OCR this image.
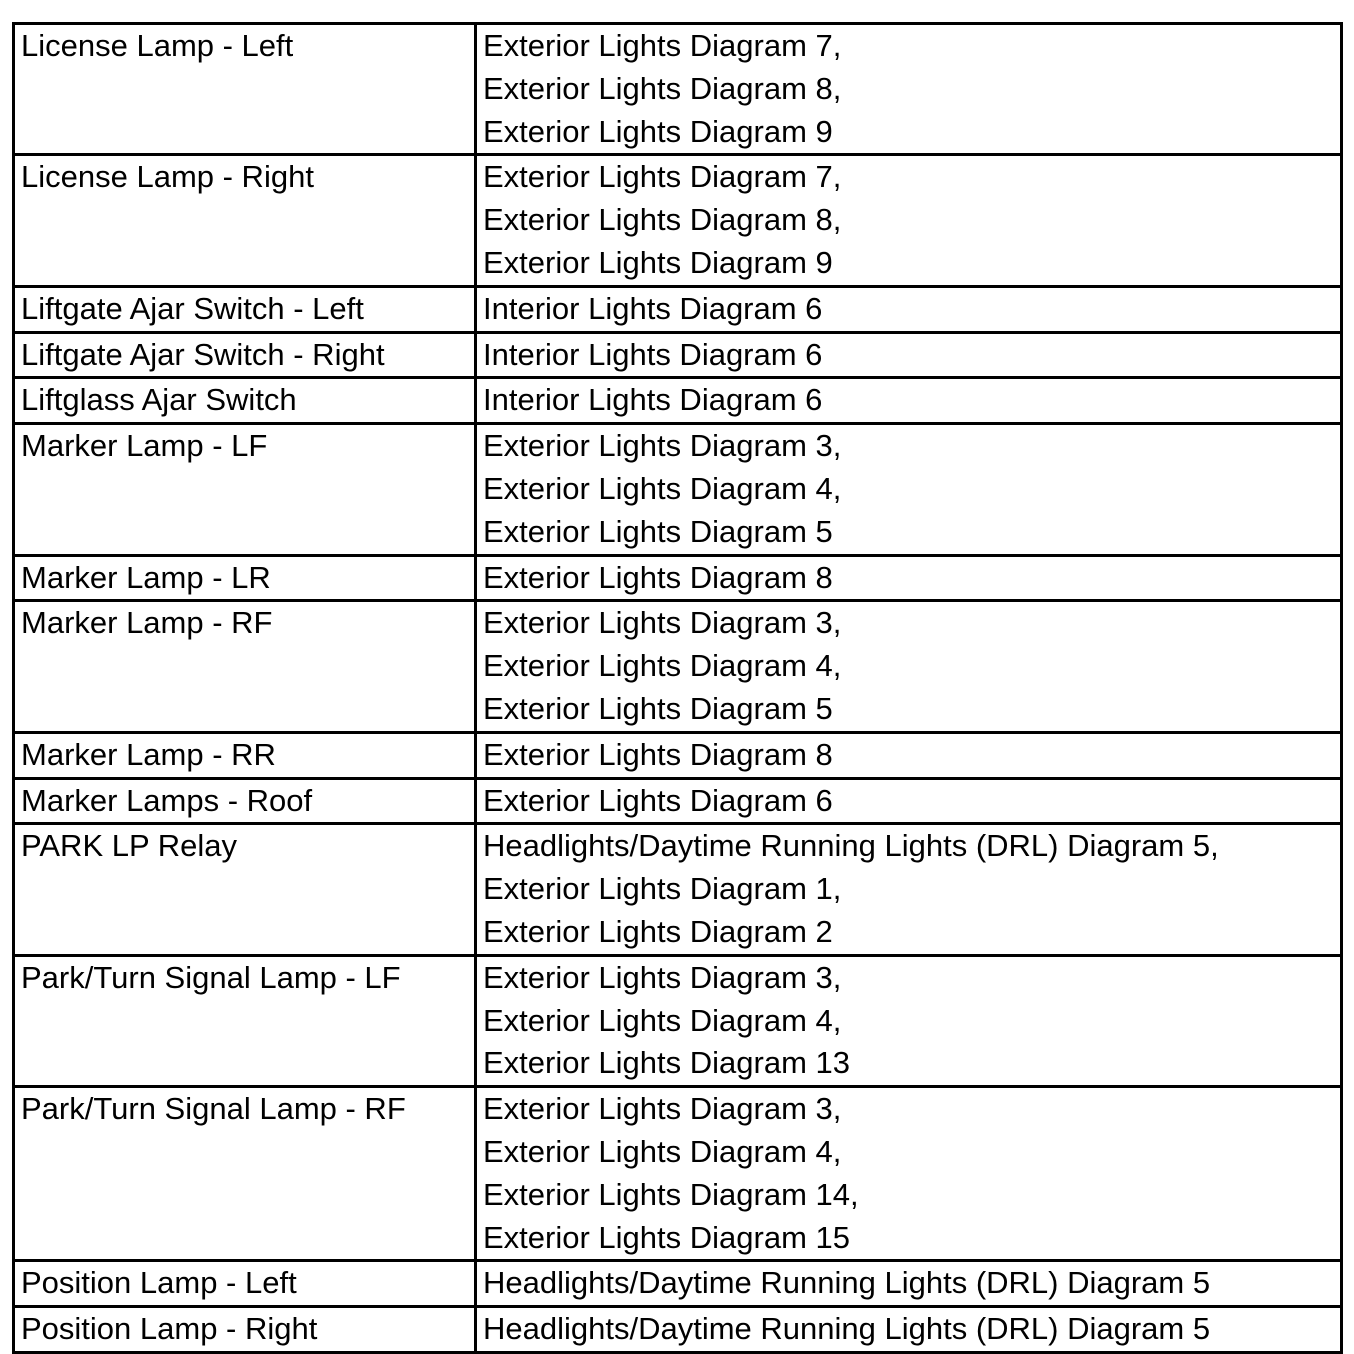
License Lamp - Left	Exterior Lights Diagram 7,
Exterior Lights Diagram 8,
Exterior Lights Diagram 9

License Lamp - Right	Exterior Lights Diagram 7,
Exterior Lights Diagram 8,
Exterior Lights Diagram 9

Liftgate Ajar Switch - Left	Interior Lights Diagram 6

Liftgate Ajar Switch - Right	Interior Lights Diagram 6

Liftglass Ajar Switch	Interior Lights Diagram 6

Marker Lamp - LF	Exterior Lights Diagram 3,
Exterior Lights Diagram 4,
Exterior Lights Diagram 5

Marker Lamp - LR	Exterior Lights Diagram 8

Marker Lamp - RF	Exterior Lights Diagram 3,
Exterior Lights Diagram 4,
Exterior Lights Diagram 5

Marker Lamp - RR	Exterior Lights Diagram 8

Marker Lamps - Roof	Exterior Lights Diagram 6

PARK LP Relay	Headlights/Daytime Running Lights (DRL) Diagram 5,
Exterior Lights Diagram 1,
Exterior Lights Diagram 2

Park/Turn Signal Lamp - LF	Exterior Lights Diagram 3,
Exterior Lights Diagram 4,
Exterior Lights Diagram 13

Park/Turn Signal Lamp - RF	Exterior Lights Diagram 3,
Exterior Lights Diagram 4,
Exterior Lights Diagram 14,
Exterior Lights Diagram 15

Position Lamp - Left	Headlights/Daytime Running Lights (DRL) Diagram 5

Position Lamp - Right	Headlights/Daytime Running Lights (DRL) Diagram 5
